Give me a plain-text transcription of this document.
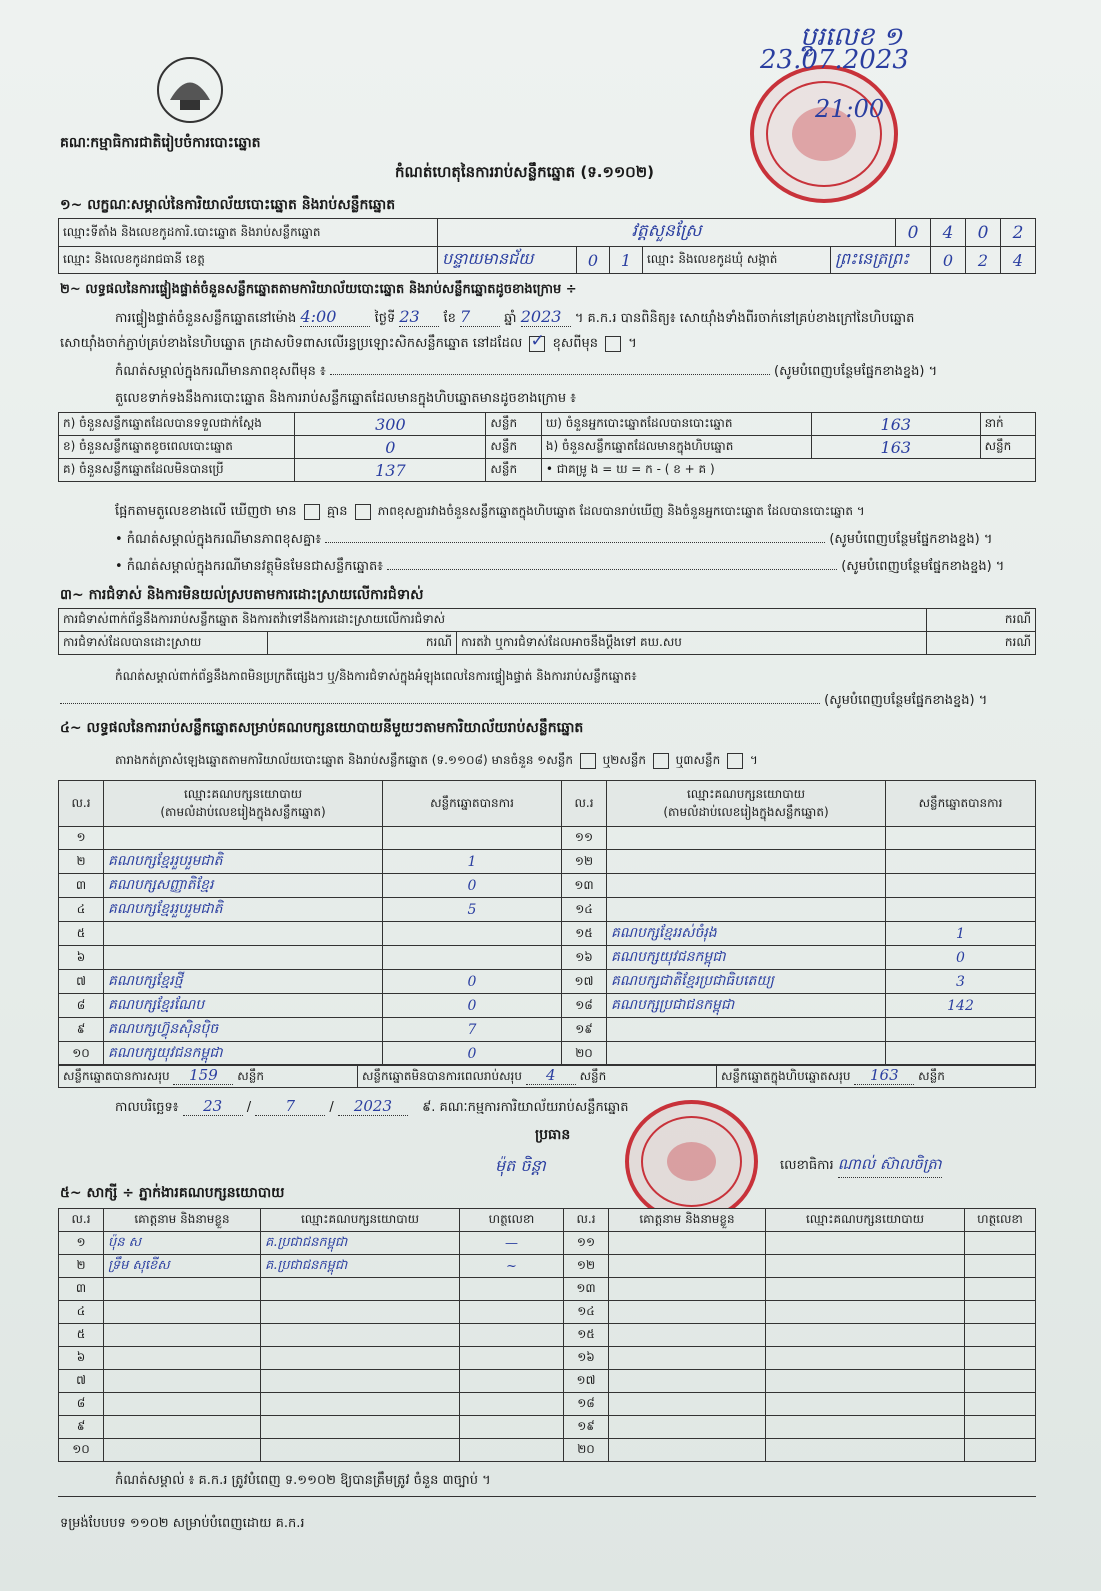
គណៈកម្មាធិការជាតិរៀបចំការបោះឆ្នោត
ប្តូរលេខ ១
23.07.2023
21:00
កំណត់ហេតុនៃការរាប់សន្លឹកឆ្នោត (ទ.១១០២)
១~ លក្ខណៈសម្គាល់នៃការិយាល័យបោះឆ្នោត និងរាប់សន្លឹកឆ្នោត
ឈ្មោះទីតាំង និងលេខកូដការិ.បោះឆ្នោត និងរាប់សន្លឹកឆ្នោត	វត្តសួនស្រែ					0	4	0	2
ឈ្មោះ និងលេខកូដរាជធានី ខេត្ត	បន្ទាយមានជ័យ	0	1	ឈ្មោះ និងលេខកូដឃុំ សង្កាត់	ព្រះនេត្រព្រះ		0	2	4
២~ លទ្ធផលនៃការផ្ទៀងផ្ទាត់ចំនួនសន្លឹកឆ្នោតតាមការិយាល័យបោះឆ្នោត និងរាប់សន្លឹកឆ្នោតដូចខាងក្រោម ÷
ការផ្ទៀងផ្ទាត់ចំនួនសន្លឹកឆ្នោតនៅម៉ោង 4:00	ថ្ងៃទី 23 ខែ 7	ឆ្នាំ 2023 ។ គ.ក.រ បានពិនិត្យ៖ សោយ៉ាំងទាំងពីរចាក់នៅគ្រប់ខាងក្រៅនៃហិបឆ្នោត
សោយ៉ាំងចាក់ភ្ជាប់គ្រប់ខាងនៃហិបឆ្នោត ក្រដាសបិទពាសលើរន្ធប្រឡោះសិកសន្លឹកឆ្នោត នៅដដែល ✓ ខុសពីមុន  ។
កំណត់សម្គាល់ក្នុងករណីមានភាពខុសពីមុន ៖	(សូមបំពេញបន្ថែមផ្នែកខាងខ្នង) ។
តួលេខទាក់ទងនឹងការបោះឆ្នោត និងការរាប់សន្លឹកឆ្នោតដែលមានក្នុងហិបឆ្នោតមានដូចខាងក្រោម ៖
ក) ចំនួនសន្លឹកឆ្នោតដែលបានទទួលជាក់ស្តែង	300	សន្លឹក	ឃ) ចំនួនអ្នកបោះឆ្នោតដែលបានបោះឆ្នោត	163	នាក់
ខ) ចំនួនសន្លឹកឆ្នោតខូចពេលបោះឆ្នោត	0	សន្លឹក	ង) ចំនួនសន្លឹកឆ្នោតដែលមានក្នុងហិបឆ្នោត	163	សន្លឹក
គ) ចំនួនសន្លឹកឆ្នោតដែលមិនបានប្រើ	137	សន្លឹក	• ជាគម្រូ ង = ឃ = ក - ( ខ + គ )		
ផ្អែកតាមតួលេខខាងលើ ឃើញថា មាន គ្មាន	ភាពខុសគ្នារវាងចំនួនសន្លឹកឆ្នោតក្នុងហិបឆ្នោត ដែលបានរាប់ឃើញ និងចំនួនអ្នកបោះឆ្នោត ដែលបានបោះឆ្នោត ។
• កំណត់សម្គាល់ក្នុងករណីមានភាពខុសគ្នា៖	(សូមបំពេញបន្ថែមផ្នែកខាងខ្នង) ។
• កំណត់សម្គាល់ក្នុងករណីមានវត្ថុមិនមែនជាសន្លឹកឆ្នោត៖	(សូមបំពេញបន្ថែមផ្នែកខាងខ្នង) ។
៣~ ការជំទាស់ និងការមិនយល់ស្របតាមការដោះស្រាយលើការជំទាស់
ការជំទាស់ពាក់ព័ន្ធនឹងការរាប់សន្លឹកឆ្នោត និងការតវ៉ាទៅនឹងការដោះស្រាយលើការជំទាស់			ករណី
ការជំទាស់ដែលបានដោះស្រាយ	ករណី	ការតវ៉ា ឬការជំទាស់ដែលអាចនឹងប្តឹងទៅ គឃ.សប	ករណី
កំណត់សម្គាល់ពាក់ព័ន្ធនឹងភាពមិនប្រក្រតីផ្សេងៗ ឬ/និងការជំទាស់ក្នុងអំឡុងពេលនៃការផ្ទៀងផ្ទាត់ និងការរាប់សន្លឹកឆ្នោត៖
(សូមបំពេញបន្ថែមផ្នែកខាងខ្នង) ។
៤~ លទ្ធផលនៃការរាប់សន្លឹកឆ្នោតសម្រាប់គណបក្សនយោបាយនីមួយៗតាមការិយាល័យរាប់សន្លឹកឆ្នោត
តារាងកត់ត្រាសំឡេងឆ្នោតតាមការិយាល័យបោះឆ្នោត និងរាប់សន្លឹកឆ្នោត (ទ.១១០៨) មានចំនួន ១សន្លឹក ឬ២សន្លឹក ឬ៣សន្លឹក  ។
ល.រ	ឈ្មោះគណបក្សនយោបាយ
(តាមលំដាប់លេខរៀងក្នុងសន្លឹកឆ្នោត)	សន្លឹកឆ្នោតបានការ	ល.រ	ឈ្មោះគណបក្សនយោបាយ
(តាមលំដាប់លេខរៀងក្នុងសន្លឹកឆ្នោត)	សន្លឹកឆ្នោតបានការ
១			១១		
២	គណបក្សខ្មែររួបរួមជាតិ	1	១២		
៣	គណបក្សសញ្ញាតិខ្មែរ	0	១៣		
៤	គណបក្សខ្មែររួបរួមជាតិ	5	១៤		
៥			១៥	គណបក្សខ្មែររស់ចំរុង	1
៦			១៦	គណបក្សយុវជនកម្ពុជា	0
៧	គណបក្សខ្មែរថ្មី	0	១៧	គណបក្សជាតិខ្មែរប្រជាធិបតេយ្យ	3
៨	គណបក្សខ្មែរណែប	0	១៨	គណបក្សប្រជាជនកម្ពុជា	142
៩	គណបក្សហ៊្វុនស៊ិនប៉ិច	7	១៩		
១០	គណបក្សយុវជនកម្ពុជា	0	២០		
សន្លឹកឆ្នោតបានការសរុប 159 សន្លឹក	សន្លឹកឆ្នោតមិនបានការពេលរាប់សរុប 4 សន្លឹក	សន្លឹកឆ្នោតក្នុងហិបឆ្នោតសរុប 163 សន្លឹក
កាលបរិច្ឆេទ៖ 23 / 7 / 2023 ៩. គណៈកម្មការការិយាល័យរាប់សន្លឹកឆ្នោត
ប្រធាន
ម៉ុត ចិន្តា	លេខាធិការ ណាល់ ស៊ាលចិត្រា
៥~ សាក្សី ÷ ភ្នាក់ងារគណបក្សនយោបាយ
ល.រ	គោត្តនាម និងនាមខ្លួន	ឈ្មោះគណបក្សនយោបាយ	ហត្ថលេខា	ល.រ	គោត្តនាម និងនាមខ្លួន	ឈ្មោះគណបក្សនយោបាយ	ហត្ថលេខា
១	ប៉ុន ស	គ.ប្រជាជនកម្ពុជា	—	១១			
២	ទ្រឹម សុខើស	គ.ប្រជាជនកម្ពុជា	~	១២			
៣				១៣			
៤				១៤			
៥				១៥			
៦				១៦			
៧				១៧			
៨				១៨			
៩				១៩			
១០				២០			
កំណត់សម្គាល់ ៖ គ.ក.រ ត្រូវបំពេញ ទ.១១០២ ឱ្យបានត្រឹមត្រូវ ចំនួន ៣ច្បាប់ ។
ទម្រង់បែបបទ ១១០២ សម្រាប់បំពេញដោយ គ.ក.រ
